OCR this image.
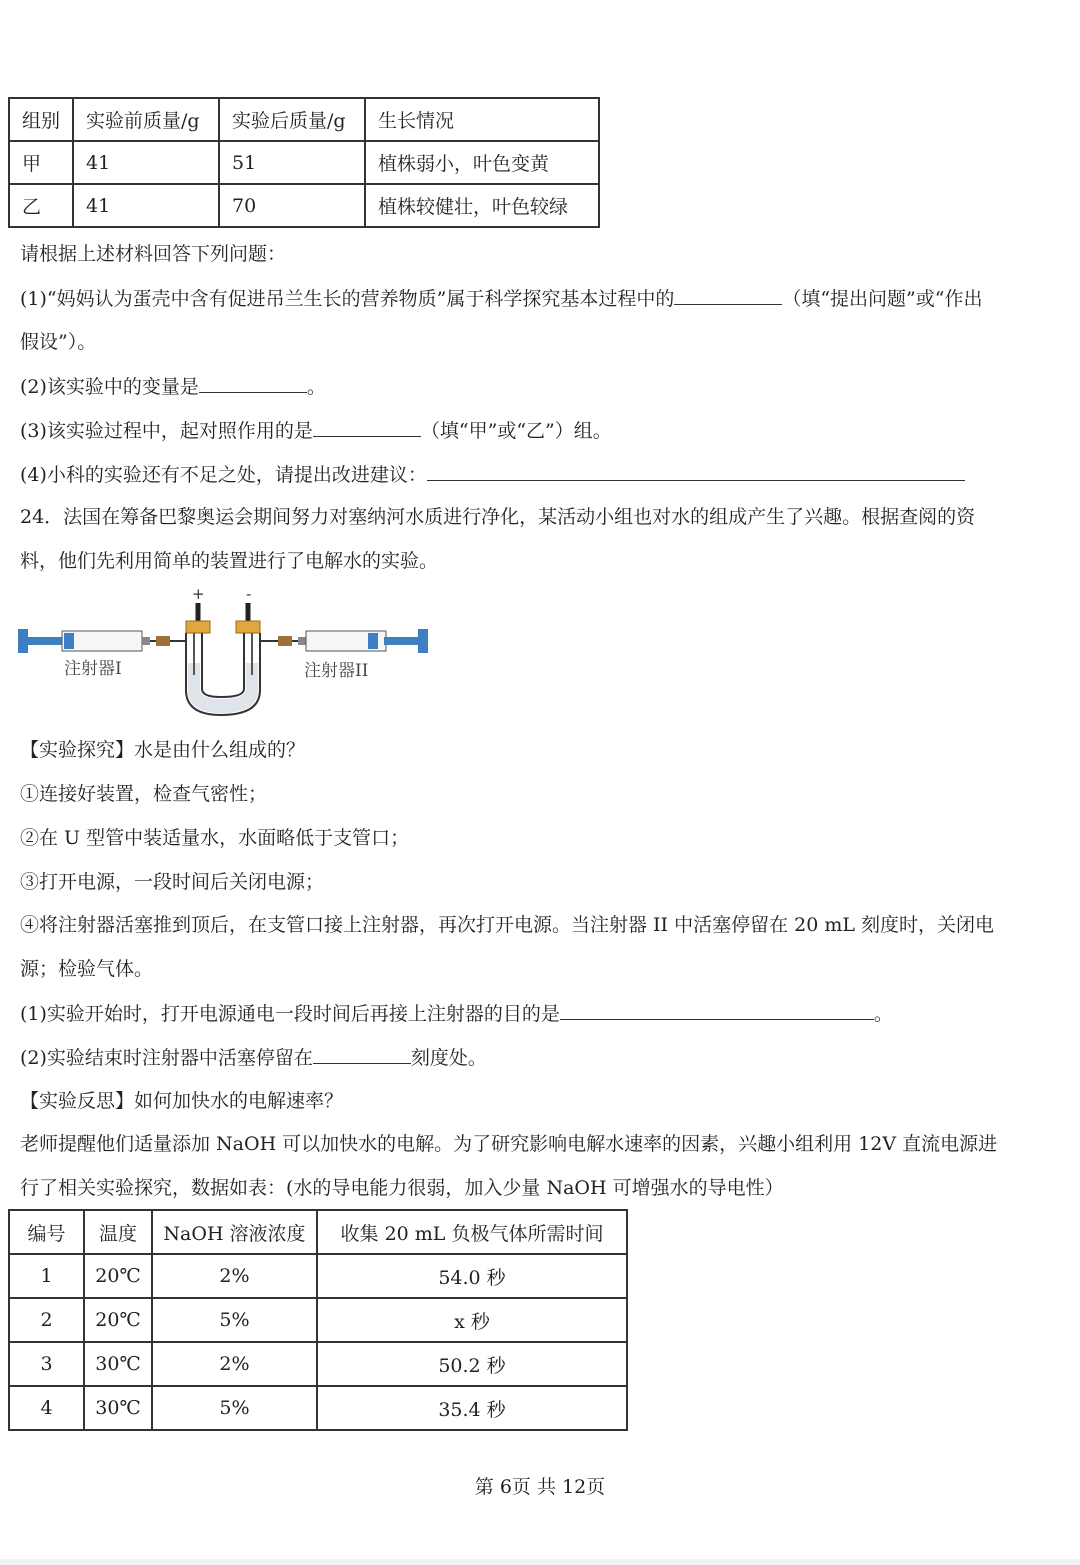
组别	实验前质量/g	实验后质量/g	生长情况
甲	41	51	植株弱小，叶色变黄
乙	41	70	植株较健壮，叶色较绿
请根据上述材料回答下列问题：
(1)“妈妈认为蛋壳中含有促进吊兰生长的营养物质”属于科学探究基本过程中的	（填“提出问题”或“作出
假设”）。
(2)该实验中的变量是	。
(3)该实验过程中，起对照作用的是	（填“甲”或“乙”）组。
(4)小科的实验还有不足之处，请提出改进建议：
24．法国在筹备巴黎奥运会期间努力对塞纳河水质进行净化，某活动小组也对水的组成产生了兴趣。根据查阅的资
料，他们先利用简单的装置进行了电解水的实验。
+	-
注射器I	注射器II
【实验探究】水是由什么组成的？
①连接好装置，检查气密性；
②在 U 型管中装适量水，水面略低于支管口；
③打开电源，一段时间后关闭电源；
④将注射器活塞推到顶后，在支管口接上注射器，再次打开电源。当注射器 II 中活塞停留在 20 mL 刻度时，关闭电
源；检验气体。
(1)实验开始时，打开电源通电一段时间后再接上注射器的目的是	。
(2)实验结束时注射器中活塞停留在	刻度处。
【实验反思】如何加快水的电解速率？
老师提醒他们适量添加 NaOH 可以加快水的电解。为了研究影响电解水速率的因素，兴趣小组利用 12V 直流电源进
行了相关实验探究，数据如表：(水的导电能力很弱，加入少量 NaOH 可增强水的导电性）
编号	温度	NaOH 溶液浓度	收集 20 mL 负极气体所需时间
1	20℃	2%	54.0 秒
2	20℃	5%	x 秒
3	30℃	2%	50.2 秒
4	30℃	5%	35.4 秒
第 6页 共 12页
